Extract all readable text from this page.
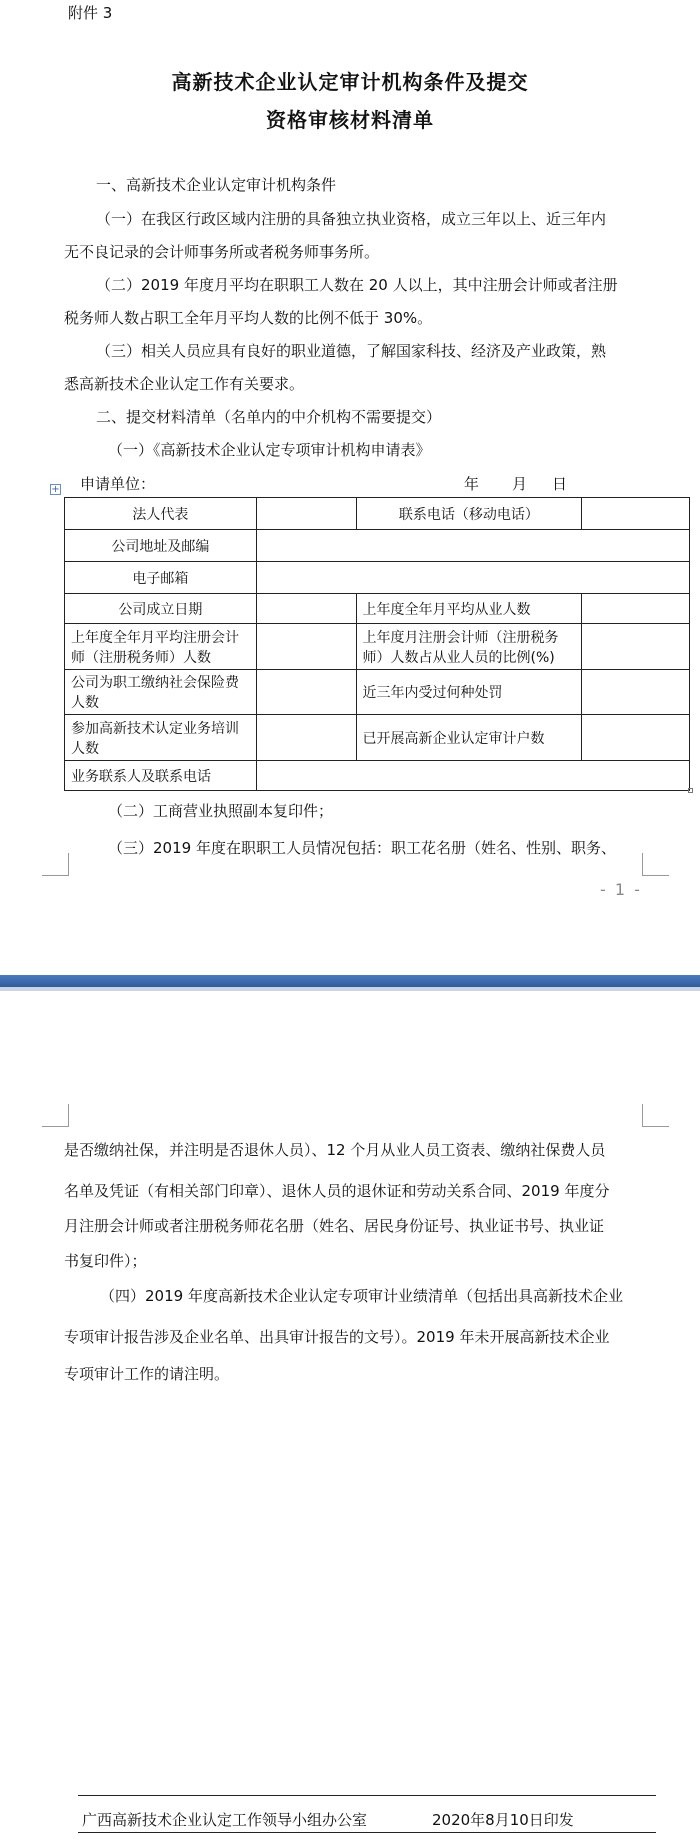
附件 3
高新技术企业认定审计机构条件及提交
资格审核材料清单
一、高新技术企业认定审计机构条件
（一）在我区行政区域内注册的具备独立执业资格，成立三年以上、近三年内
无不良记录的会计师事务所或者税务师事务所。
（二）2019 年度月平均在职职工人数在 20 人以上，其中注册会计师或者注册
税务师人数占职工全年月平均人数的比例不低于 30%。
（三）相关人员应具有良好的职业道德，了解国家科技、经济及产业政策，熟
悉高新技术企业认定工作有关要求。
二、提交材料清单（名单内的中介机构不需要提交）
（一）《高新技术企业认定专项审计机构申请表》
申请单位：	年 月 日
+
法人代表		联系电话（移动电话）	
公司地址及邮编			
电子邮箱			
公司成立日期		上年度全年月平均从业人数	
上年度全年月平均注册会计师（注册税务师）人数		上年度月注册会计师（注册税务师）人数占从业人员的比例(%)	
公司为职工缴纳社会保险费人数		近三年内受过何种处罚	
参加高新技术认定业务培训人数		已开展高新企业认定审计户数	
业务联系人及联系电话			
（二）工商营业执照副本复印件；
（三）2019 年度在职职工人员情况包括：职工花名册（姓名、性别、职务、
- 1 -
是否缴纳社保，并注明是否退休人员）、12 个月从业人员工资表、缴纳社保费人员
名单及凭证（有相关部门印章）、退休人员的退休证和劳动关系合同、2019 年度分
月注册会计师或者注册税务师花名册（姓名、居民身份证号、执业证书号、执业证
书复印件）；
（四）2019 年度高新技术企业认定专项审计业绩清单（包括出具高新技术企业
专项审计报告涉及企业名单、出具审计报告的文号）。2019 年未开展高新技术企业
专项审计工作的请注明。
广西高新技术企业认定工作领导小组办公室	2020年8月10日印发
